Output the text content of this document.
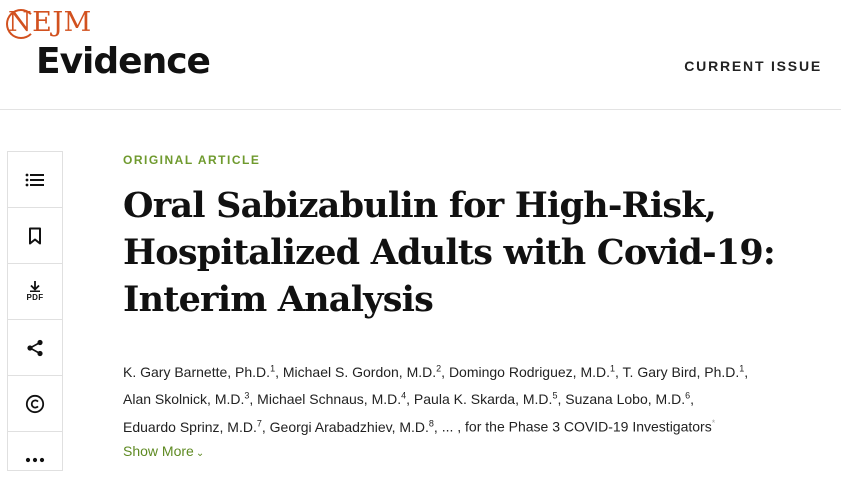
NEJM
Evidence	CURRENT ISSUE
PDF

ORIGINAL ARTICLE

Oral Sabizabulin for High-Risk, Hospitalized Adults with Covid-19: Interim Analysis
K. Gary Barnette, Ph.D.$^1$, Michael S. Gordon, M.D.$^2$, Domingo Rodriguez, M.D.$^1$, T. Gary Bird, Ph.D.$^1$, Alan Skolnick, M.D.$^3$, Michael Schnaus, M.D.$^4$, Paula K. Skarda, M.D.$^5$, Suzana Lobo, M.D.$^6$, Eduardo Sprinz, M.D.$^7$, Georgi Arabadzhiev, M.D.$^8$, ... , for the Phase 3 COVID-19 Investigators*
Show More ⌄
